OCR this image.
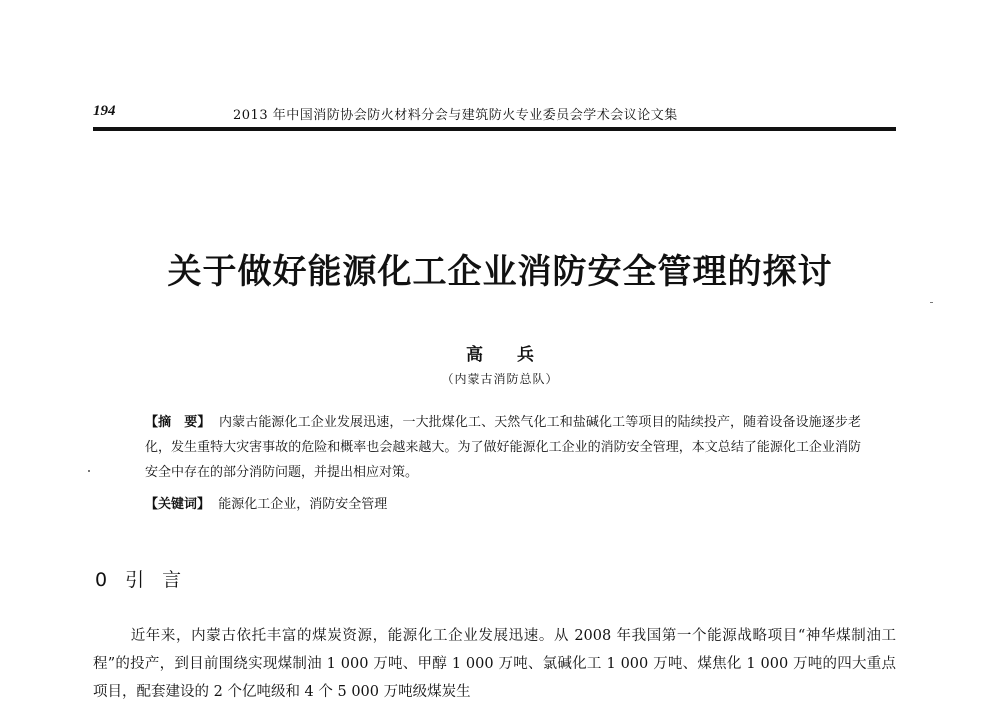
194	2013 年中国消防协会防火材料分会与建筑防火专业委员会学术会议论文集
关于做好能源化工企业消防安全管理的探讨
高 兵
（内蒙古消防总队）
【摘　要】 内蒙古能源化工企业发展迅速，一大批煤化工、天然气化工和盐碱化工等项目的陆续投产，随着设备设施逐步老化，发生重特大灾害事故的危险和概率也会越来越大。为了做好能源化工企业的消防安全管理，本文总结了能源化工企业消防安全中存在的部分消防问题，并提出相应对策。
【关键词】 能源化工企业，消防安全管理
0 引 言
近年来，内蒙古依托丰富的煤炭资源，能源化工企业发展迅速。从 2008 年我国第一个能源战略项目“神华煤制油工程”的投产，到目前围绕实现煤制油 1 000 万吨、甲醇 1 000 万吨、氯碱化工 1 000 万吨、煤焦化 1 000 万吨的四大重点项目，配套建设的 2 个亿吨级和 4 个 5 000 万吨级煤炭生
